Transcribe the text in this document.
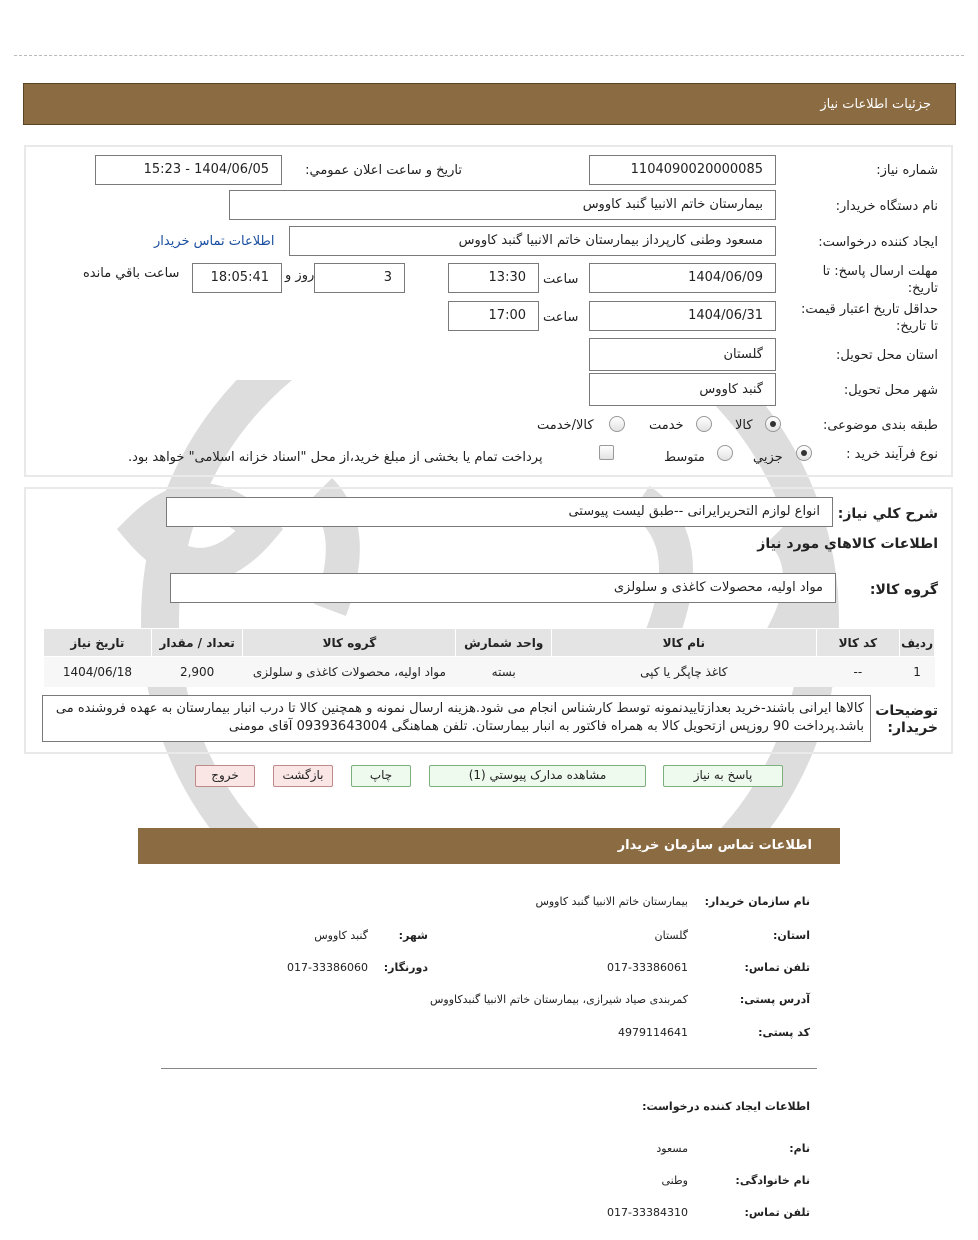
جزئيات اطلاعات نياز
شماره نياز:
1104090020000085
تاريخ و ساعت اعلان عمومي:
1404/06/05 - 15:23
نام دستگاه خريدار:
بيمارستان خاتم الانبيا گنبد کاووس
ايجاد کننده درخواست:
مسعود وطنی کارپرداز بيمارستان خاتم الانبيا گنبد کاووس
اطلاعات تماس خريدار
مهلت ارسال پاسخ: تا
تاريخ:
1404/06/09
ساعت
13:30
3
روز و
18:05:41
ساعت باقي مانده
حداقل تاريخ اعتبار قيمت:
تا تاريخ:
1404/06/31
ساعت
17:00
استان محل تحويل:
گلستان
شهر محل تحويل:
گنبد کاووس
طبقه بندی موضوعی:
کالا
خدمت
کالا/خدمت
نوع فرآیند خرید :
جزیي
متوسط
پرداخت تمام یا بخشی از مبلغ خرید،از محل "اسناد خزانه اسلامی" خواهد بود.
شرح كلي نياز:
انواع لوازم التحریرایرانی --طبق لیست پیوستی
اطلاعات كالاهاي مورد نياز
گروه کالا:
مواد اولیه، محصولات کاغذی و سلولزی
رديف	کد کالا	نام کالا	واحد شمارش	گروه کالا	تعداد / مقدار	تاريخ نياز
1	--	کاغذ چاپگر یا کپی	بسته	مواد اولیه، محصولات کاغذی و سلولزی	2,900	1404/06/18
توضيحات
خريدار:
کالاها ایرانی باشند-خرید بعدازتاییدنمونه توسط کارشناس انجام می شود.هزینه ارسال نمونه و همچنین کالا تا درب انبار بیمارستان به عهده فروشنده می باشد.پرداخت 90 روزپس ازتحویل کالا به همراه فاکتور به انبار بیمارستان. تلفن هماهنگی 09393643004 آقای مومنی
پاسخ به نياز
مشاهده مدارک پيوستي (1)
چاپ
بازگشت
خروج
اطلاعات تماس سازمان خريدار
نام سازمان خريدار:
بيمارستان خاتم الانبيا گنبد کاووس
استان:
گلستان
شهر:
گنبد کاووس
تلفن تماس:
017-33386061
دورنگار:
017-33386060
آدرس پستی:
کمربندی صیاد شیرازی، بیمارستان خاتم الانبیا گنبدکاووس
کد پستی:
4979114641
اطلاعات ايجاد کننده درخواست:
نام:
مسعود
نام خانوادگی:
وطنی
تلفن تماس:
017-33384310
